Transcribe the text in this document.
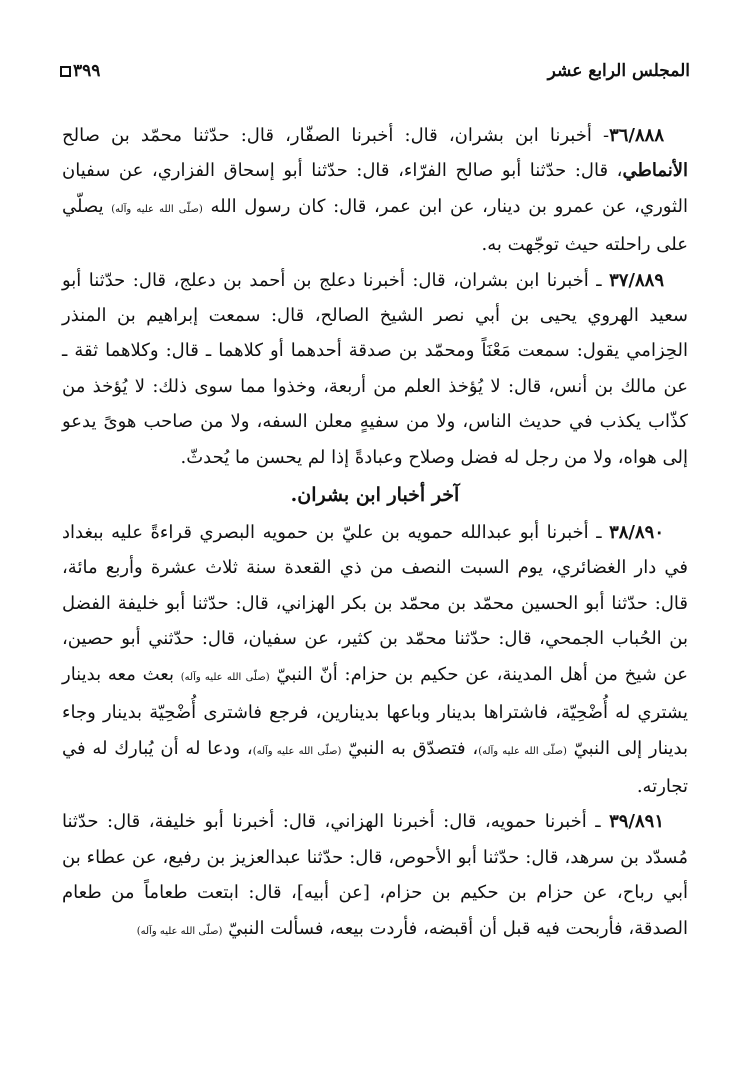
المجلس الرابع عشر
٣٩٩

٣٦/٨٨٨- أخبرنا ابن بشران، قال: أخبرنا الصفّار، قال: حدّثنا محمّد بن صالح الأنماطي، قال: حدّثنا أبو صالح الفرّاء، قال: حدّثنا أبو إسحاق الفزاري، عن سفيان الثوري، عن عمرو بن دينار، عن ابن عمر، قال: كان رسول الله (صلّى الله عليه وآله) يصلّي على راحلته حيث توجّهت به.

٣٧/٨٨٩ ـ أخبرنا ابن بشران، قال: أخبرنا دعلج بن أحمد بن دعلج، قال: حدّثنا أبو سعيد الهروي يحيى بن أبي نصر الشيخ الصالح، قال: سمعت إبراهيم بن المنذر الحِزامي يقول: سمعت مَعْنَاً ومحمّد بن صدقة أحدهما أو كلاهما ـ قال: وكلاهما ثقة ـ عن مالك بن أنس، قال: لا يُؤخذ العلم من أربعة، وخذوا مما سوى ذلك: لا يُؤخذ من كذّاب يكذب في حديث الناس، ولا من سفيهٍ معلن السفه، ولا من صاحب هوىً يدعو إلى هواه، ولا من رجل له فضل وصلاح وعبادةً إذا لم يحسن ما يُحدثّ.

آخر أخبار ابن بشران.

٣٨/٨٩٠ ـ أخبرنا أبو عبدالله حمويه بن عليّ بن حمويه البصري قراءةً عليه ببغداد في دار الغضائري، يوم السبت النصف من ذي القعدة سنة ثلاث عشرة وأربع مائة، قال: حدّثنا أبو الحسين محمّد بن محمّد بن بكر الهزاني، قال: حدّثنا أبو خليفة الفضل بن الحُباب الجمحي، قال: حدّثنا محمّد بن كثير، عن سفيان، قال: حدّثني أبو حصين، عن شيخ من أهل المدينة، عن حكيم بن حزام: أنّ النبيّ (صلّى الله عليه وآله) بعث معه بدينار يشتري له أُضْحِيّة، فاشتراها بدينار وباعها بدينارين، فرجع فاشترى أُضْحِيّة بدينار وجاء بدينار إلى النبيّ (صلّى الله عليه وآله)، فتصدّق به النبيّ (صلّى الله عليه وآله)، ودعا له أن يُبارك له في تجارته.

٣٩/٨٩١ ـ أخبرنا حمويه، قال: أخبرنا الهزاني، قال: أخبرنا أبو خليفة، قال: حدّثنا مُسدّد بن سرهد، قال: حدّثنا أبو الأحوص، قال: حدّثنا عبدالعزيز بن رفيع، عن عطاء بن أبي رباح، عن حزام بن حكيم بن حزام، [عن أبيه]، قال: ابتعت طعاماً من طعام الصدقة، فأربحت فيه قبل أن أقبضه، فأردت بيعه، فسألت النبيّ (صلّى الله عليه وآله)
